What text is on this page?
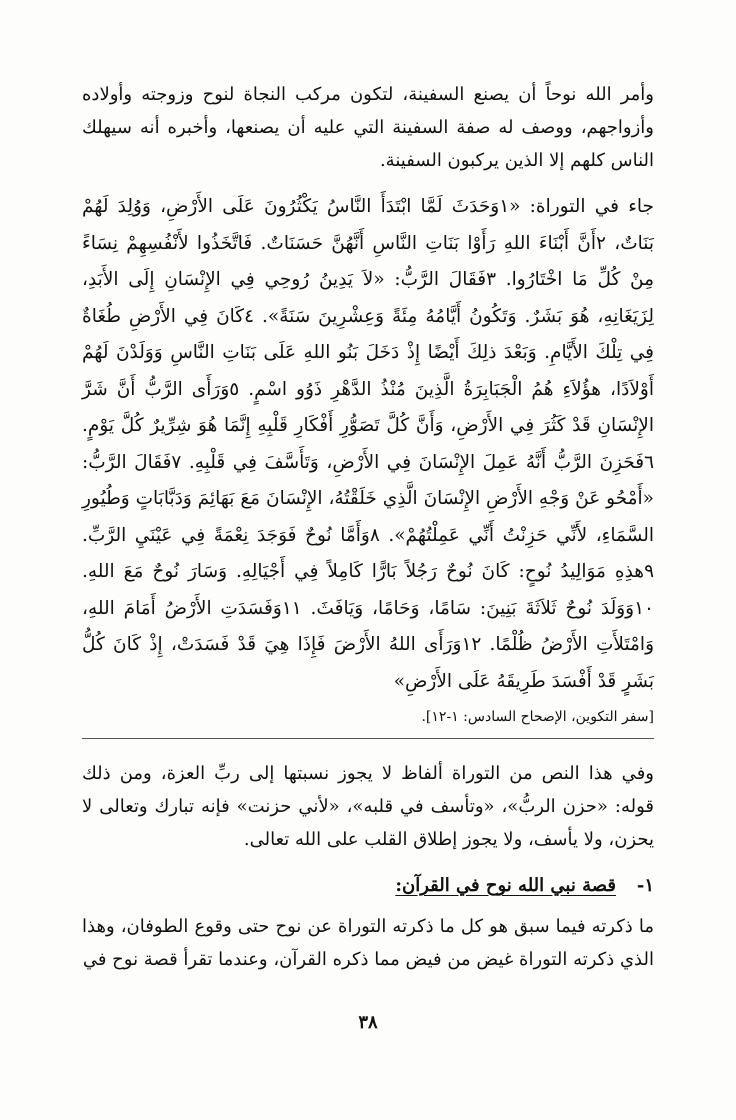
وأمر الله نوحاً أن يصنع السفينة، لتكون مركب النجاة لنوح وزوجته وأولاده وأزواجهم، ووصف له صفة السفينة التي عليه أن يصنعها، وأخبره أنه سيهلك الناس كلهم إلا الذين يركبون السفينة.

جاء في التوراة: «١وَحَدَثَ لَمَّا ابْتَدَأَ النَّاسُ يَكْثُرُونَ عَلَى الأَرْضِ، وَوُلِدَ لَهُمْ بَنَاتٌ، ٢أَنَّ أَبْنَاءَ اللهِ رَأَوْا بَنَاتِ النَّاسِ أَنَّهُنَّ حَسَنَاتٌ. فَاتَّخَذُوا لأَنْفُسِهِمْ نِسَاءً مِنْ كُلِّ مَا اخْتَارُوا. ٣فَقَالَ الرَّبُّ: «لاَ يَدِينُ رُوحِي فِي الإِنْسَانِ إِلَى الأَبَدِ، لِزَيَغَانِهِ، هُوَ بَشَرٌ. وَتَكُونُ أَيَّامُهُ مِئَةً وَعِشْرِينَ سَنَةً». ٤كَانَ فِي الأَرْضِ طُغَاةٌ فِي تِلْكَ الأَيَّامِ. وَبَعْدَ ذلِكَ أَيْضًا إِذْ دَخَلَ بَنُو اللهِ عَلَى بَنَاتِ النَّاسِ وَوَلَدْنَ لَهُمْ أَوْلاَدًا، هؤُلاَءِ هُمُ الْجَبَابِرَةُ الَّذِينَ مُنْذُ الدَّهْرِ ذَوُو اسْمٍ. ٥وَرَأَى الرَّبُّ أَنَّ شَرَّ الإِنْسَانِ قَدْ كَثُرَ فِي الأَرْضِ، وَأَنَّ كُلَّ تَصَوُّرِ أَفْكَارِ قَلْبِهِ إِنَّمَا هُوَ شِرِّيرٌ كُلَّ يَوْمٍ. ٦فَحَزِنَ الرَّبُّ أَنَّهُ عَمِلَ الإِنْسَانَ فِي الأَرْضِ، وَتَأَسَّفَ فِي قَلْبِهِ. ٧فَقَالَ الرَّبُّ: «أَمْحُو عَنْ وَجْهِ الأَرْضِ الإِنْسَانَ الَّذِي خَلَقْتُهُ، الإِنْسَانَ مَعَ بَهَائِمَ وَدَبَّابَاتٍ وَطُيُورِ السَّمَاءِ، لأَنِّي حَزِنْتُ أَنِّي عَمِلْتُهُمْ». ٨وَأَمَّا نُوحٌ فَوَجَدَ نِعْمَةً فِي عَيْنَيِ الرَّبِّ. ٩هذِهِ مَوَالِيدُ نُوحٍ: كَانَ نُوحٌ رَجُلاً بَارًّا كَامِلاً فِي أَجْيَالِهِ. وَسَارَ نُوحٌ مَعَ اللهِ. ١٠وَوَلَدَ نُوحٌ ثَلاَثَةَ بَنِينَ: سَامًا، وَحَامًا، وَيَافَثَ. ١١وَفَسَدَتِ الأَرْضُ أَمَامَ اللهِ، وَامْتَلأَتِ الأَرْضُ ظُلْمًا. ١٢وَرَأَى اللهُ الأَرْضَ فَإِذَا هِيَ قَدْ فَسَدَتْ، إِذْ كَانَ كُلُّ بَشَرٍ قَدْ أَفْسَدَ طَرِيقَهُ عَلَى الأَرْضِ»

[سفر التكوين، الإصحاح السادس: ١-١٢].

وفي هذا النص من التوراة ألفاظ لا يجوز نسبتها إلى ربِّ العزة، ومن ذلك قوله: «حزن الربُّ»، «وتأسف في قلبه»، «لأني حزنت» فإنه تبارك وتعالى لا يحزن، ولا يأسف، ولا يجوز إطلاق القلب على الله تعالى.

١-
قصة نبي الله نوح في القرآن:

ما ذكرته فيما سبق هو كل ما ذكرته التوراة عن نوح حتى وقوع الطوفان، وهذا الذي ذكرته التوراة غيض من فيض مما ذكره القرآن، وعندما تقرأ قصة نوح في

٣٨
